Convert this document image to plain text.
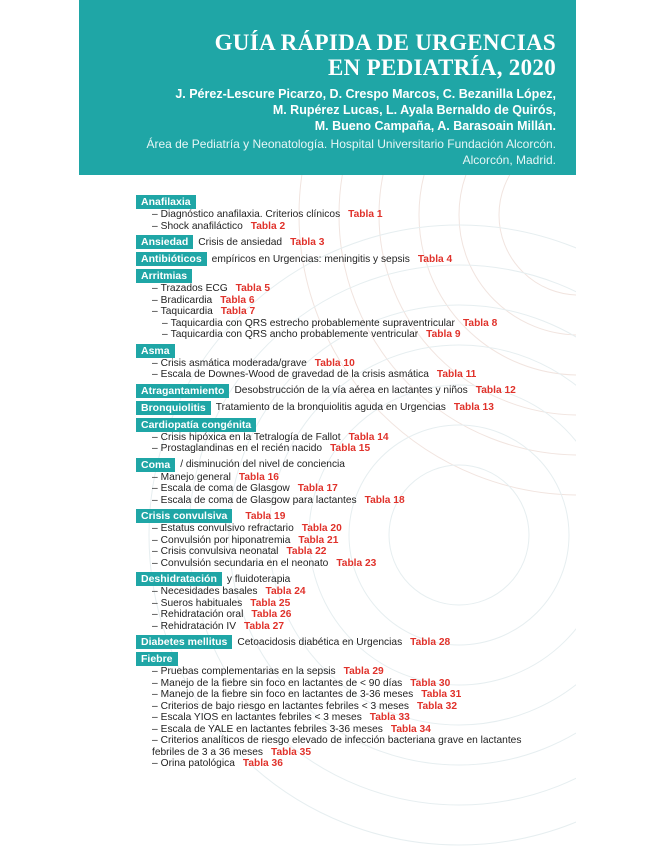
GUÍA RÁPIDA DE URGENCIAS
EN PEDIATRÍA, 2020
J. Pérez-Lescure Picarzo, D. Crespo Marcos, C. Bezanilla López,
M. Rupérez Lucas, L. Ayala Bernaldo de Quirós,
M. Bueno Campaña, A. Barasoain Millán.
Área de Pediatría y Neonatología. Hospital Universitario Fundación Alcorcón.
Alcorcón, Madrid.
Anafilaxia
– Diagnóstico anafilaxia. Criterios clínicos Tabla 1
– Shock anafiláctico Tabla 2
Ansiedad Crisis de ansiedad Tabla 3
Antibióticos empíricos en Urgencias: meningitis y sepsis Tabla 4
Arritmias
– Trazados ECG Tabla 5
– Bradicardia Tabla 6
– Taquicardia Tabla 7
– Taquicardia con QRS estrecho probablemente supraventricular Tabla 8
– Taquicardia con QRS ancho probablemente ventricular Tabla 9
Asma
– Crisis asmática moderada/grave Tabla 10
– Escala de Downes-Wood de gravedad de la crisis asmática Tabla 11
Atragantamiento Desobstrucción de la vía aérea en lactantes y niños Tabla 12
Bronquiolitis Tratamiento de la bronquiolitis aguda en Urgencias Tabla 13
Cardiopatía congénita
– Crisis hipóxica en la Tetralogía de Fallot Tabla 14
– Prostaglandinas en el recién nacido Tabla 15
Coma / disminución del nivel de conciencia
– Manejo general Tabla 16
– Escala de coma de Glasgow Tabla 17
– Escala de coma de Glasgow para lactantes Tabla 18
Crisis convulsiva	Tabla 19
– Estatus convulsivo refractario Tabla 20
– Convulsión por hiponatremia Tabla 21
– Crisis convulsiva neonatal Tabla 22
– Convulsión secundaria en el neonato Tabla 23
Deshidratación y fluidoterapia
– Necesidades basales Tabla 24
– Sueros habituales Tabla 25
– Rehidratación oral Tabla 26
– Rehidratación IV Tabla 27
Diabetes mellitus Cetoacidosis diabética en Urgencias Tabla 28
Fiebre
– Pruebas complementarias en la sepsis Tabla 29
– Manejo de la fiebre sin foco en lactantes de < 90 días Tabla 30
– Manejo de la fiebre sin foco en lactantes de 3-36 meses Tabla 31
– Criterios de bajo riesgo en lactantes febriles < 3 meses Tabla 32
– Escala YIOS en lactantes febriles < 3 meses Tabla 33
– Escala de YALE en lactantes febriles 3-36 meses Tabla 34
– Criterios analíticos de riesgo elevado de infección bacteriana grave en lactantes febriles de 3 a 36 meses Tabla 35
– Orina patológica Tabla 36
